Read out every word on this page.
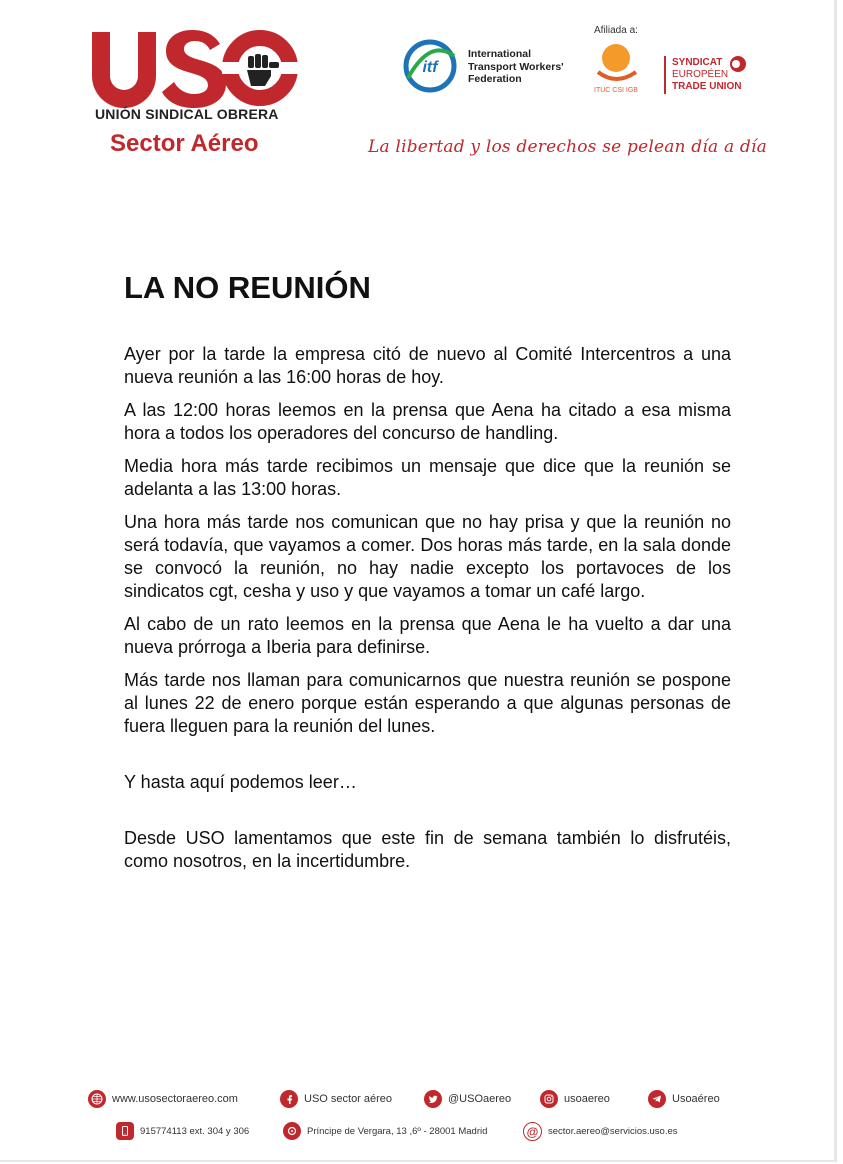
UNIÓN SINDICAL OBRERA
Sector Aéreo
itf
International
Transport Workers'
Federation
Afiliada a:
ITUC CSI IGB
SYNDICAT
EUROPÉEN
TRADE UNION
La libertad y los derechos se pelean día a día
LA NO REUNIÓN

Ayer por la tarde la empresa citó de nuevo al Comité Intercentros a una nueva reunión a las 16:00 horas de hoy.

A las 12:00 horas leemos en la prensa que Aena ha citado a esa misma hora a todos los operadores del concurso de handling.

Media hora más tarde recibimos un mensaje que dice que la reunión se adelanta a las 13:00 horas.

Una hora más tarde nos comunican que no hay prisa y que la reunión no será todavía, que vayamos a comer. Dos horas más tarde, en la sala donde se convocó la reunión, no hay nadie excepto los portavoces de los sindicatos cgt, cesha y uso y que vayamos a tomar un café largo.

Al cabo de un rato leemos en la prensa que Aena le ha vuelto a dar una nueva prórroga a Iberia para definirse.

Más tarde nos llaman para comunicarnos que nuestra reunión se pospone al lunes 22 de enero porque están esperando a que algunas personas de fuera lleguen para la reunión del lunes.

Y hasta aquí podemos leer…

Desde USO lamentamos que este fin de semana también lo disfrutéis, como nosotros, en la incertidumbre.

www.usosectoraereo.com	USO sector aéreo	@USOaereo	usoaereo	Usoaéreo
915774113 ext. 304 y 306	Príncipe de Vergara, 13 ,6º - 28001 Madrid	@	sector.aereo@servicios.uso.es
